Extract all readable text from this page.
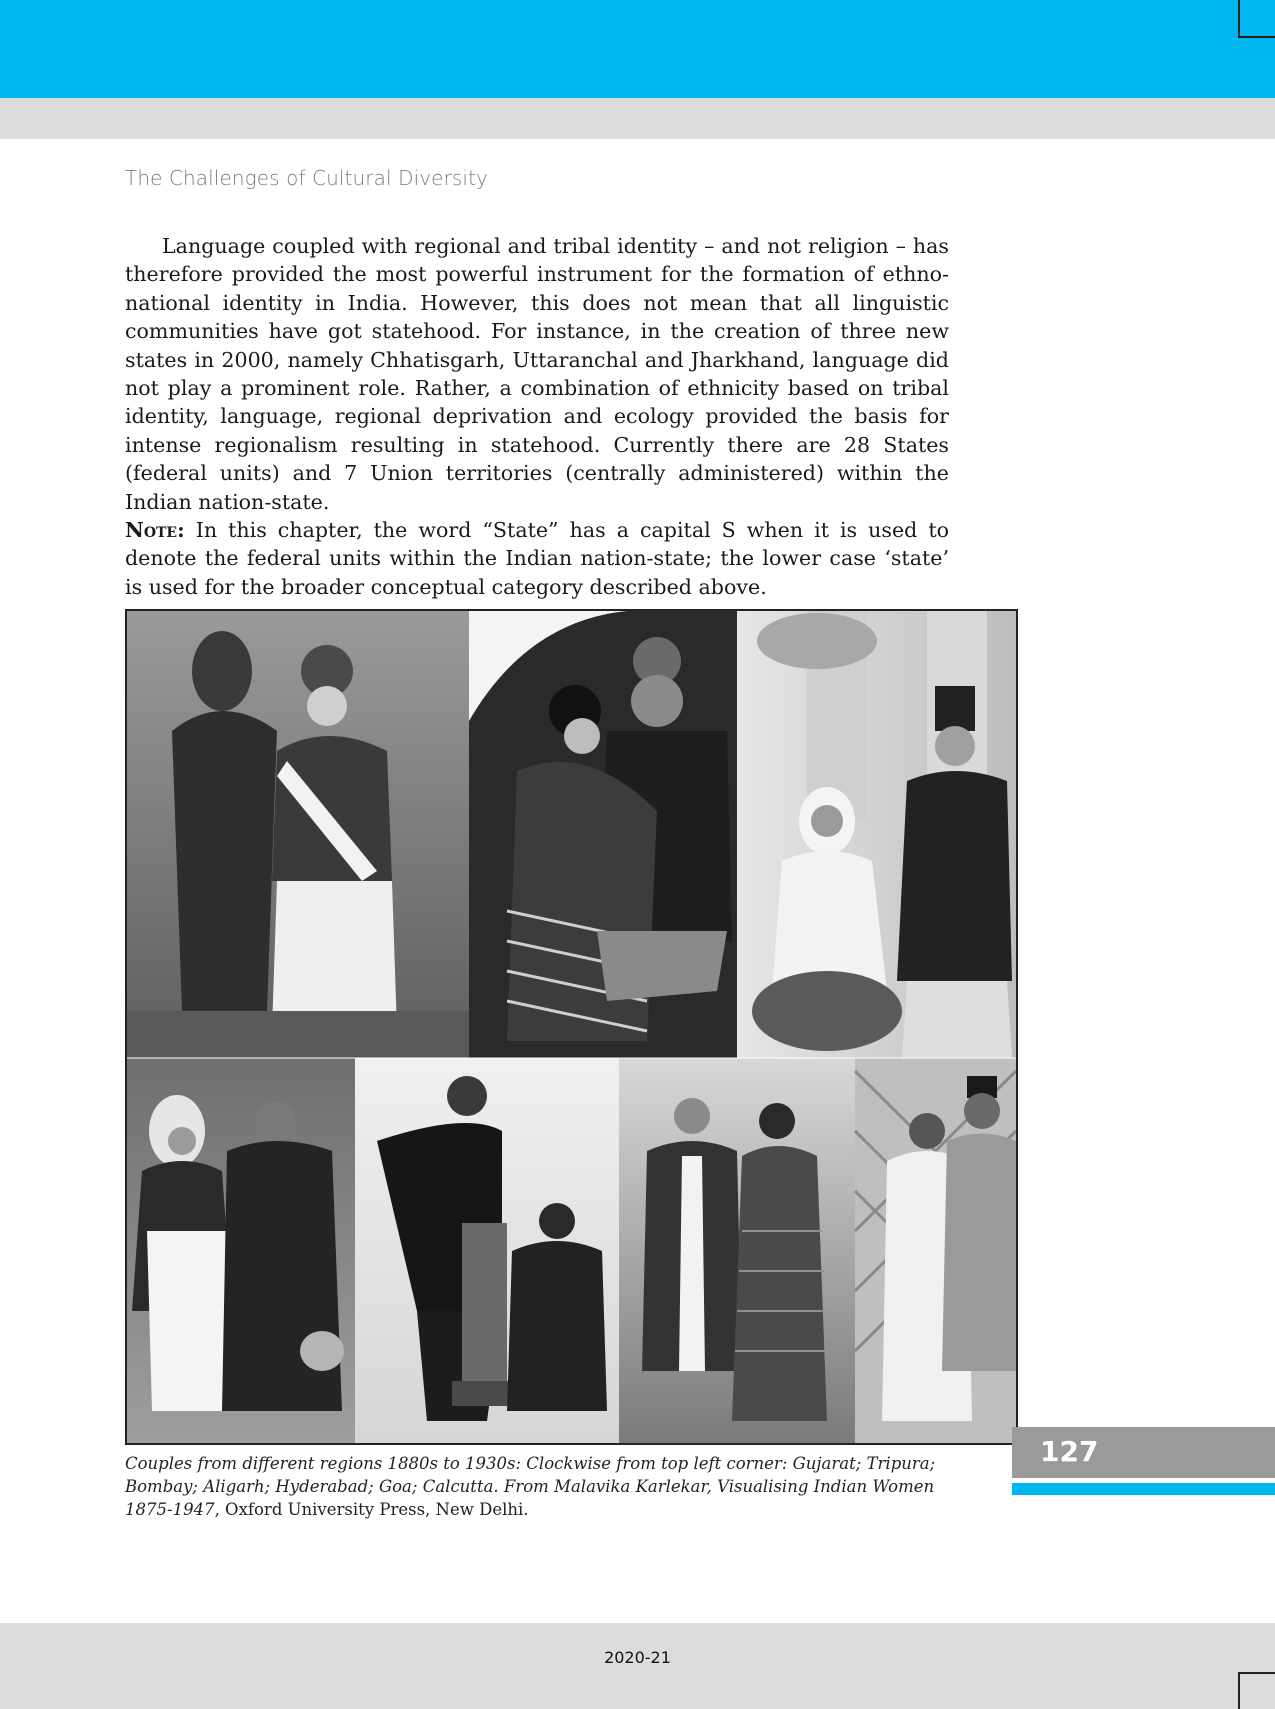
The Challenges of Cultural Diversity

Language coupled with regional and tribal identity – and not religion – has therefore provided the most powerful instrument for the formation of ethno-national identity in India. However, this does not mean that all linguistic communities have got statehood. For instance, in the creation of three new states in 2000, namely Chhatisgarh, Uttaranchal and Jharkhand, language did not play a prominent role. Rather, a combination of ethnicity based on tribal identity, language, regional deprivation and ecology provided the basis for intense regionalism resulting in statehood. Currently there are 28 States (federal units) and 7 Union territories (centrally administered) within the Indian nation-state.

Note: In this chapter, the word “State” has a capital S when it is used to denote the federal units within the Indian nation-state; the lower case ‘state’ is used for the broader conceptual category described above.

Couples from different regions 1880s to 1930s: Clockwise from top left corner: Gujarat; Tripura; Bombay; Aligarh; Hyderabad; Goa; Calcutta. From Malavika Karlekar, Visualising Indian Women 1875-1947, Oxford University Press, New Delhi.
127
2020-21
